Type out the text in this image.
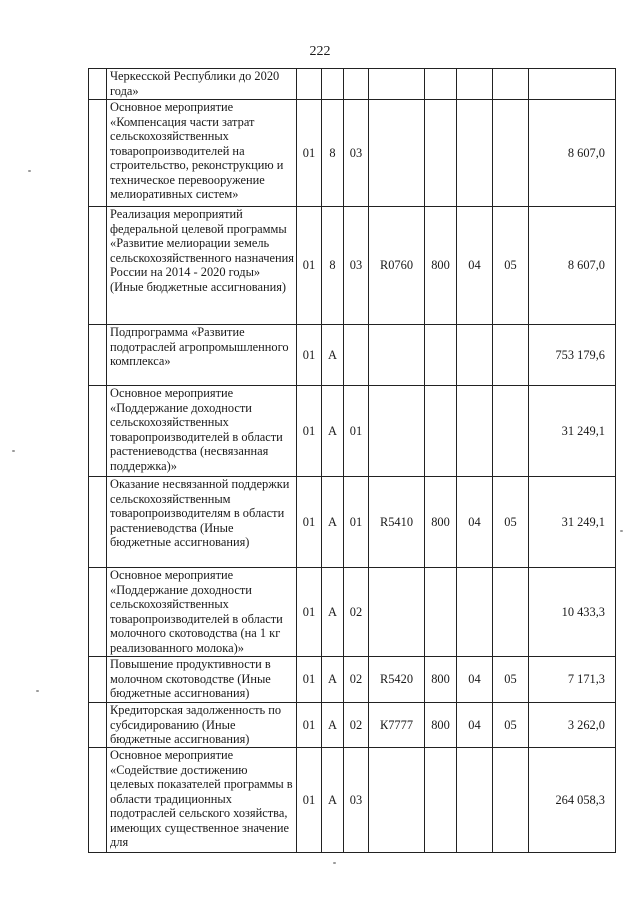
222
	Черкесской Республики до 2020 года»								
	Основное мероприятие «Компенсация части затрат сельскохозяйственных товаропроизводителей на строительство, реконструкцию и техническое перевооружение мелиоративных систем»	01	8	03					8 607,0
	Реализация мероприятий федеральной целевой программы «Развитие мелиорации земель сельскохозяйственного назначения России на 2014 - 2020 годы» (Иные бюджетные ассигнования)	01	8	03	R0760	800	04	05	8 607,0
	Подпрограмма «Развитие подотраслей агропромышленного комплекса»	01	А						753 179,6
	Основное мероприятие «Поддержание доходности сельскохозяйственных товаропроизводителей в области растениеводства (несвязанная поддержка)»	01	А	01					31 249,1
	Оказание несвязанной поддержки сельскохозяйственным товаропроизводителям в области растениеводства (Иные бюджетные ассигнования)	01	А	01	R5410	800	04	05	31 249,1
	Основное мероприятие «Поддержание доходности сельскохозяйственных товаропроизводителей в области молочного скотоводства (на 1 кг реализованного молока)»	01	А	02					10 433,3
	Повышение продуктивности в молочном скотоводстве (Иные бюджетные ассигнования)	01	А	02	R5420	800	04	05	7 171,3
	Кредиторская задолженность по субсидированию (Иные бюджетные ассигнования)	01	А	02	К7777	800	04	05	3 262,0
	Основное мероприятие «Содействие достижению целевых показателей программы в области традиционных подотраслей сельского хозяйства, имеющих существенное значение для	01	А	03					264 058,3
